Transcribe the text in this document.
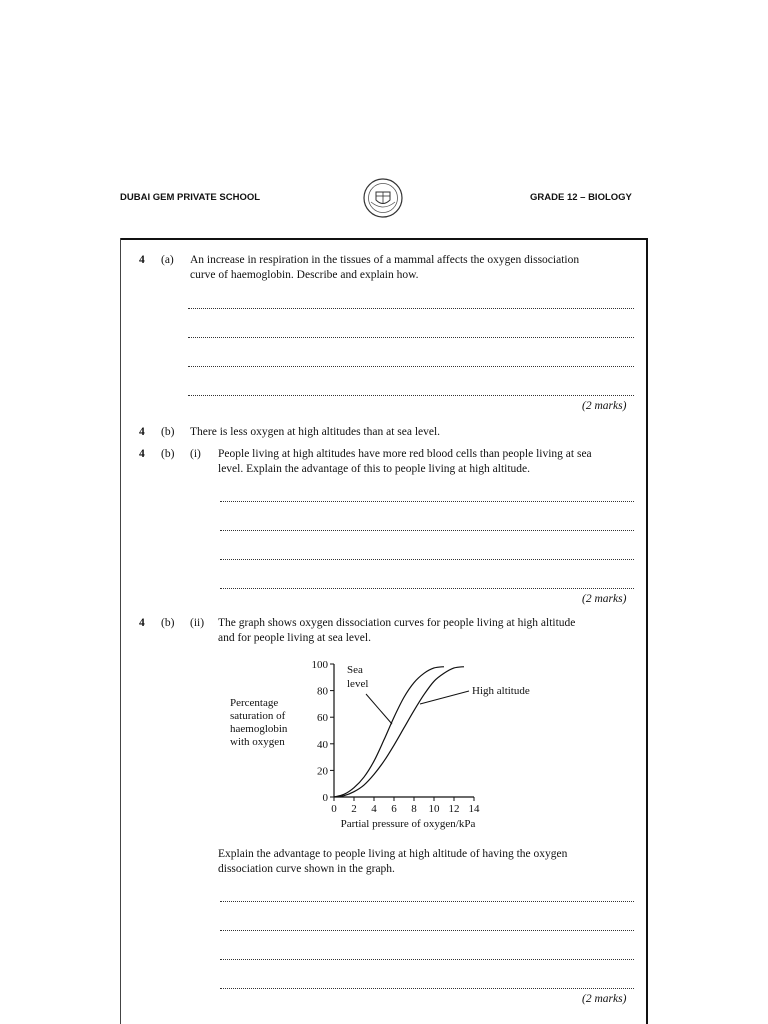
DUBAI GEM PRIVATE SCHOOL	GRADE 12 – BIOLOGY
4 (a) An increase in respiration in the tissues of a mammal affects the oxygen dissociation
curve of haemoglobin. Describe and explain how.
(2 marks)
4 (b) There is less oxygen at high altitudes than at sea level.
4 (b) (i) People living at high altitudes have more red blood cells than people living at sea
level. Explain the advantage of this to people living at high altitude.
(2 marks)
4 (b) (ii) The graph shows oxygen dissociation curves for people living at high altitude
and for people living at sea level.
Percentage
saturation of
haemoglobin
with oxygen
0
20
40
60
80
100
0 2 4 6 8 10 12 14
Partial pressure of oxygen/kPa
Sea
level
High altitude
Explain the advantage to people living at high altitude of having the oxygen
dissociation curve shown in the graph.
(2 marks)
